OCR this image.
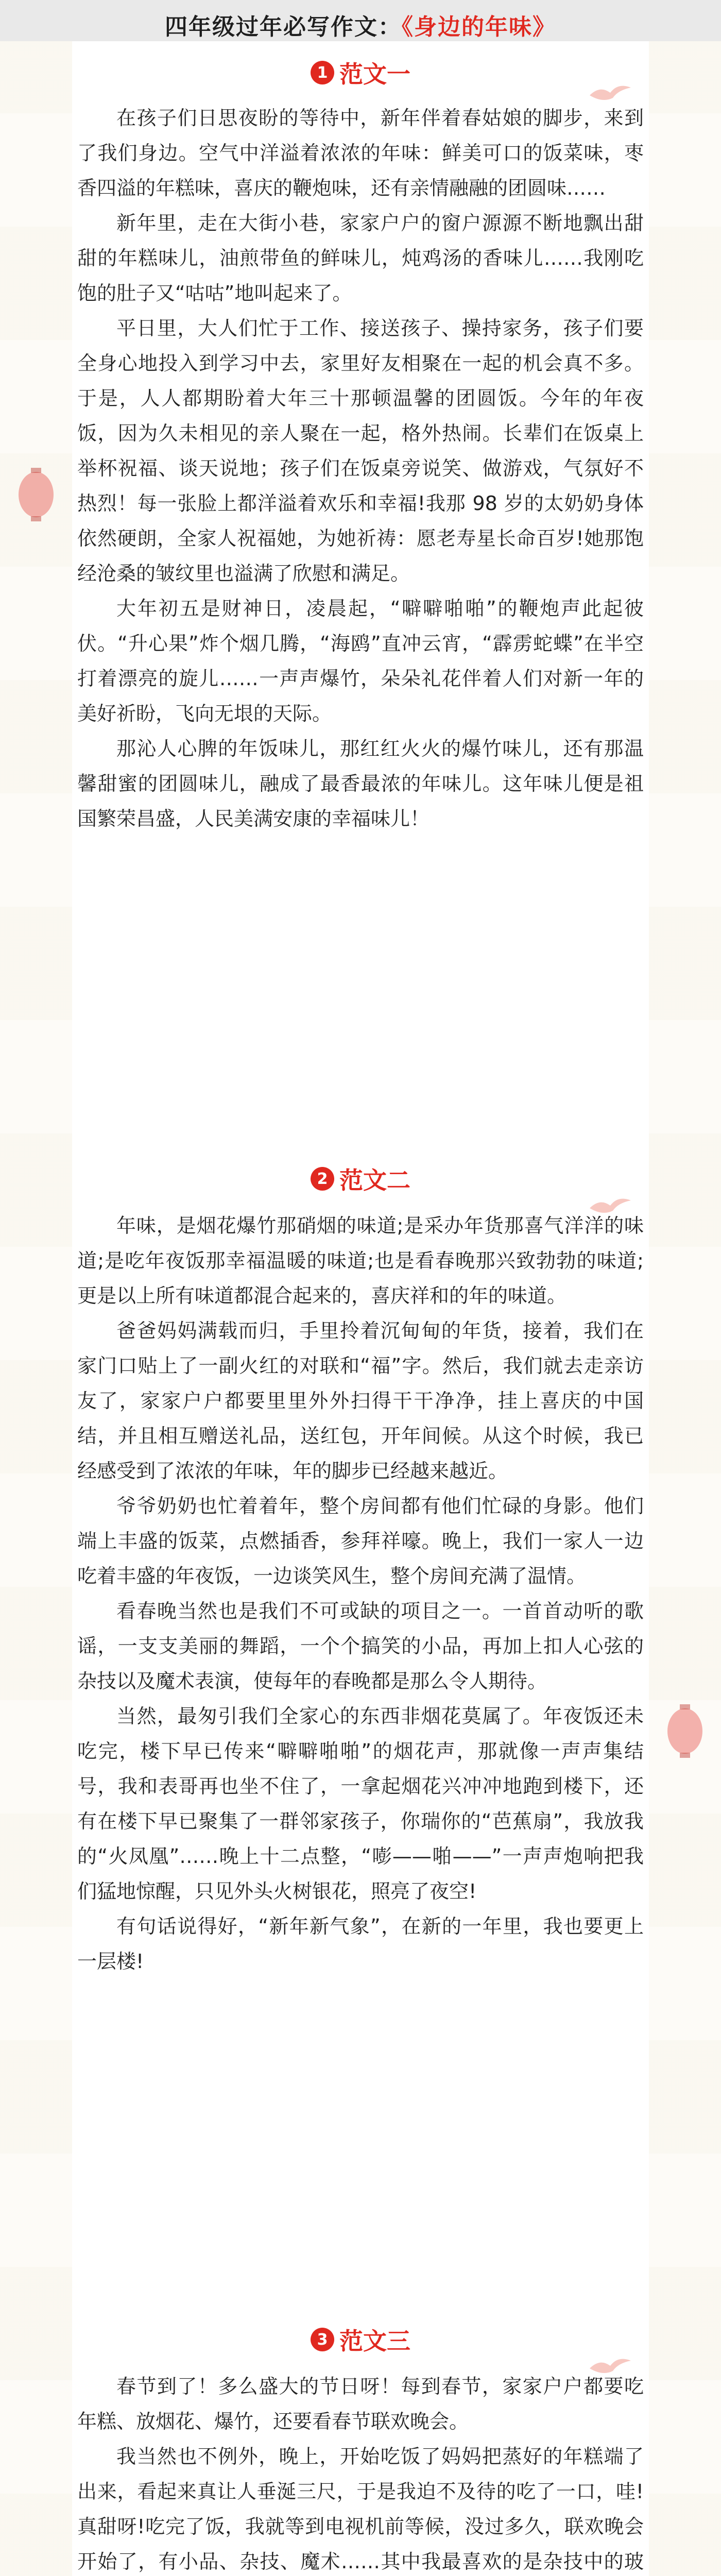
四年级过年必写作文：《身边的年味》
1 范文一

在孩子们日思夜盼的等待中，新年伴着春姑娘的脚步，来到了我们身边。空气中洋溢着浓浓的年味：鲜美可口的饭菜味，枣香四溢的年糕味，喜庆的鞭炮味，还有亲情融融的团圆味……

新年里，走在大街小巷，家家户户的窗户源源不断地飘出甜甜的年糕味儿，油煎带鱼的鲜味儿，炖鸡汤的香味儿……我刚吃饱的肚子又“咕咕”地叫起来了。

平日里，大人们忙于工作、接送孩子、操持家务，孩子们要全身心地投入到学习中去，家里好友相聚在一起的机会真不多。于是，人人都期盼着大年三十那顿温馨的团圆饭。今年的年夜饭，因为久未相见的亲人聚在一起，格外热闹。长辈们在饭桌上举杯祝福、谈天说地；孩子们在饭桌旁说笑、做游戏，气氛好不热烈！每一张脸上都洋溢着欢乐和幸福!我那 98 岁的太奶奶身体依然硬朗，全家人祝福她，为她祈祷：愿老寿星长命百岁!她那饱经沧桑的皱纹里也溢满了欣慰和满足。

大年初五是财神日，凌晨起，“噼噼啪啪”的鞭炮声此起彼伏。“升心果”炸个烟几腾，“海鸥”直冲云宵，“霹雳蛇蝶”在半空打着漂亮的旋儿……一声声爆竹，朵朵礼花伴着人们对新一年的美好祈盼，飞向无垠的天际。

那沁人心脾的年饭味儿，那红红火火的爆竹味儿，还有那温馨甜蜜的团圆味儿，融成了最香最浓的年味儿。这年味儿便是祖国繁荣昌盛，人民美满安康的幸福味儿！

2 范文二

年味，是烟花爆竹那硝烟的味道;是采办年货那喜气洋洋的味道;是吃年夜饭那幸福温暖的味道;也是看春晚那兴致勃勃的味道;更是以上所有味道都混合起来的，喜庆祥和的年的味道。

爸爸妈妈满载而归，手里拎着沉甸甸的年货，接着，我们在家门口贴上了一副火红的对联和“福”字。然后，我们就去走亲访友了，家家户户都要里里外外扫得干干净净，挂上喜庆的中国结，并且相互赠送礼品，送红包，开年间候。从这个时候，我已经感受到了浓浓的年味，年的脚步已经越来越近。

爷爷奶奶也忙着着年，整个房间都有他们忙碌的身影。他们端上丰盛的饭菜，点燃插香，参拜祥嚎。晚上，我们一家人一边吃着丰盛的年夜饭，一边谈笑风生，整个房间充满了温情。

看春晚当然也是我们不可或缺的项目之一。一首首动听的歌谣，一支支美丽的舞蹈，一个个搞笑的小品，再加上扣人心弦的杂技以及魔术表演，使每年的春晚都是那么令人期待。

当然，最匆引我们全家心的东西非烟花莫属了。年夜饭还未吃完，楼下早已传来“噼噼啪啪”的烟花声，那就像一声声集结号，我和表哥再也坐不住了，一拿起烟花兴冲冲地跑到楼下，还有在楼下早已聚集了一群邻家孩子，你瑞你的“芭蕉扇”，我放我的“火凤凰”……晚上十二点整，“嘭——啪——”一声声炮响把我们猛地惊醒，只见外头火树银花，照亮了夜空!

有句话说得好，“新年新气象”，在新的一年里，我也要更上一层楼!

3 范文三

春节到了！多么盛大的节日呀！每到春节，家家户户都要吃年糕、放烟花、爆竹，还要看春节联欢晚会。

我当然也不例外，晚上，开始吃饭了妈妈把蒸好的年糕端了出来，看起来真让人垂涎三尺，于是我迫不及待的吃了一口，哇!真甜呀!吃完了饭，我就等到电视机前等候，没过多久，联欢晚会开始了，有小品、杂技、魔术……其中我最喜欢的是杂技中的玻
